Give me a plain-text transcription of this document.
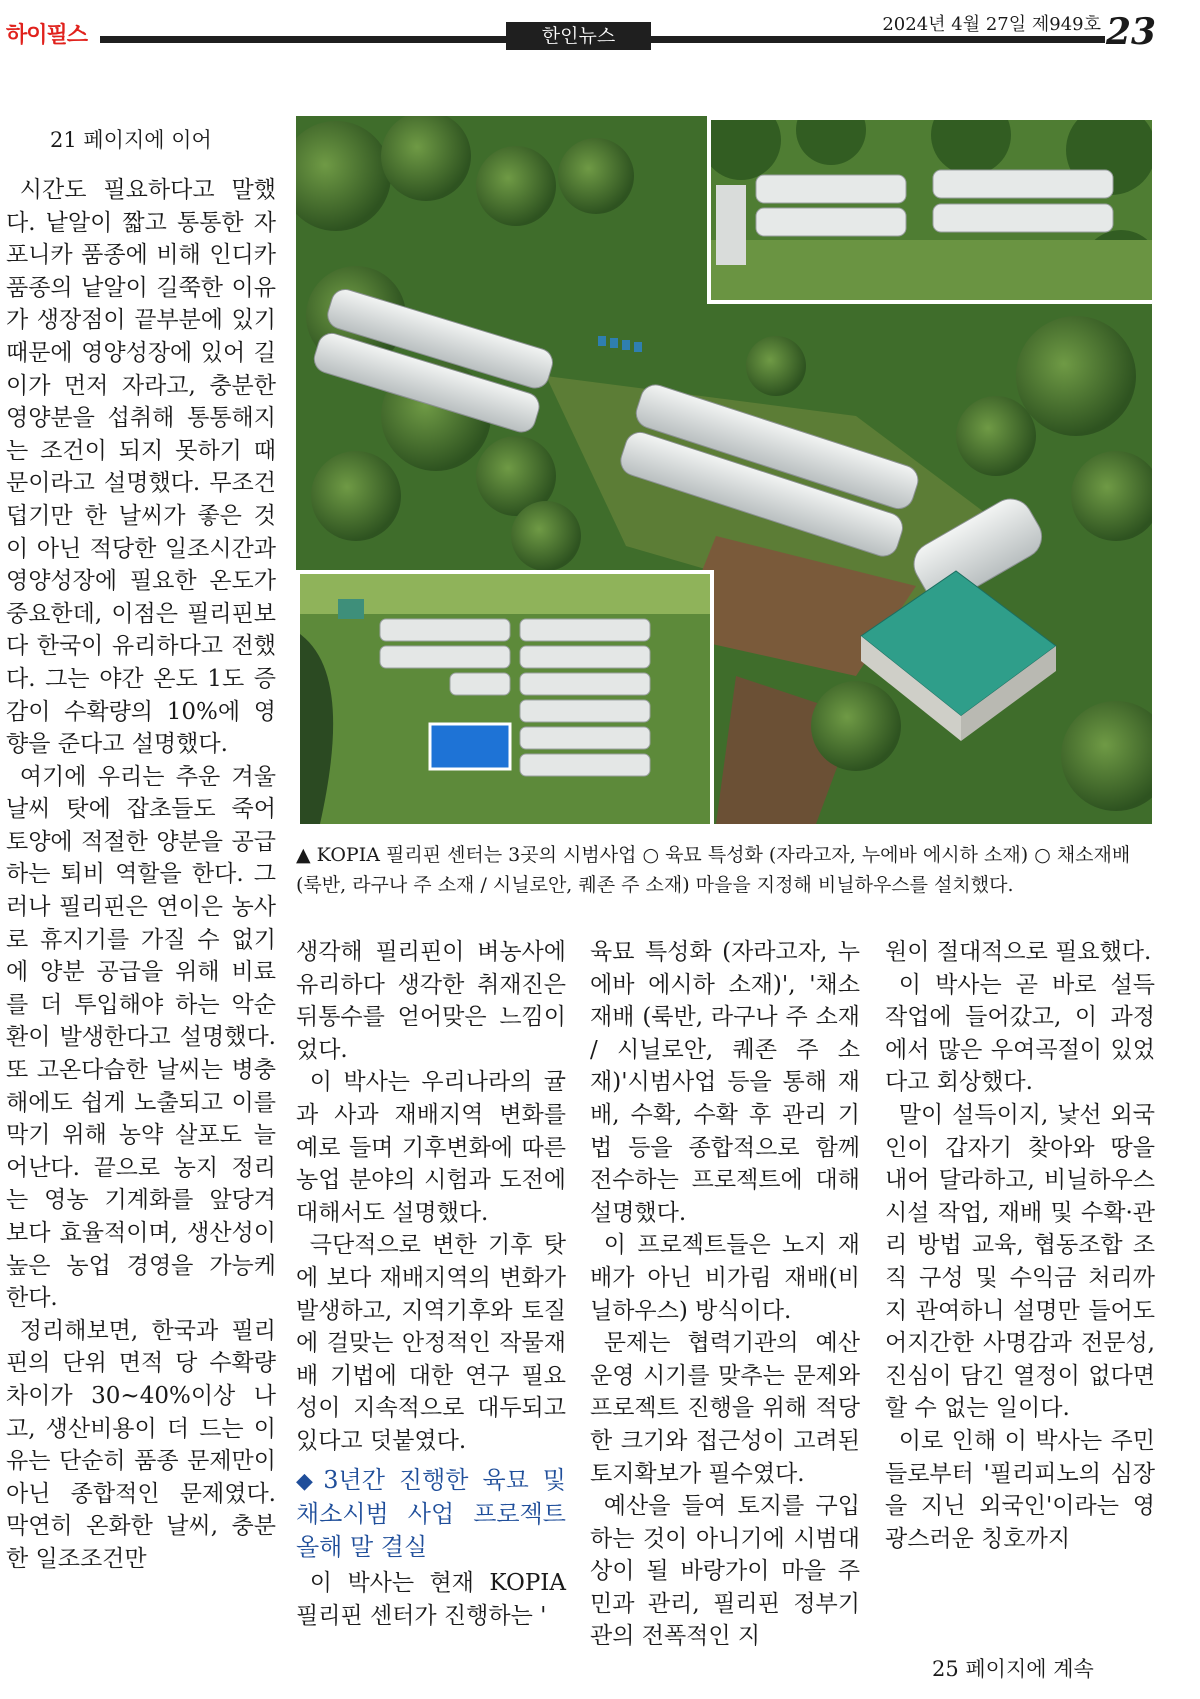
하이필스	한인뉴스
2024년 4월 27일 제949호 23
21 페이지에 이어

시간도 필요하다고 말했다. 낱알이 짧고 통통한 자포니카 품종에 비해 인디카 품종의 낱알이 길쭉한 이유가 생장점이 끝부분에 있기 때문에 영양성장에 있어 길이가 먼저 자라고, 충분한 영양분을 섭취해 통통해지는 조건이 되지 못하기 때문이라고 설명했다. 무조건 덥기만 한 날씨가 좋은 것이 아닌 적당한 일조시간과 영양성장에 필요한 온도가 중요한데, 이점은 필리핀보다 한국이 유리하다고 전했다. 그는 야간 온도 1도 증감이 수확량의 10%에 영향을 준다고 설명했다.

여기에 우리는 추운 겨울 날씨 탓에 잡초들도 죽어 토양에 적절한 양분을 공급하는 퇴비 역할을 한다. 그러나 필리핀은 연이은 농사로 휴지기를 가질 수 없기에 양분 공급을 위해 비료를 더 투입해야 하는 악순환이 발생한다고 설명했다. 또 고온다습한 날씨는 병충해에도 쉽게 노출되고 이를 막기 위해 농약 살포도 늘어난다. 끝으로 농지 정리는 영농 기계화를 앞당겨 보다 효율적이며, 생산성이 높은 농업 경영을 가능케 한다.

정리해보면, 한국과 필리핀의 단위 면적 당 수확량 차이가 30~40%이상 나고, 생산비용이 더 드는 이유는 단순히 품종 문제만이 아닌 종합적인 문제였다. 막연히 온화한 날씨, 충분한 일조조건만

▲ KOPIA 필리핀 센터는 3곳의 시범사업 ○ 육묘 특성화 (자라고자, 누에바 에시하 소재) ○ 채소재배 (룩반, 라구나 주 소재 / 시닐로안, 퀘존 주 소재) 마을을 지정해 비닐하우스를 설치했다.

생각해 필리핀이 벼농사에 유리하다 생각한 취재진은 뒤통수를 얻어맞은 느낌이었다.

이 박사는 우리나라의 귤과 사과 재배지역 변화를 예로 들며 기후변화에 따른 농업 분야의 시험과 도전에 대해서도 설명했다.

극단적으로 변한 기후 탓에 보다 재배지역의 변화가 발생하고, 지역기후와 토질에 걸맞는 안정적인 작물재배 기법에 대한 연구 필요성이 지속적으로 대두되고 있다고 덧붙였다.

◆ 3년간 진행한 육묘 및 채소시범 사업 프로젝트 올해 말 결실

이 박사는 현재 KOPIA 필리핀 센터가 진행하는 '

육묘 특성화 (자라고자, 누에바 에시하 소재)', '채소재배 (룩반, 라구나 주 소재 / 시닐로안, 퀘존 주 소재)'시범사업 등을 통해 재배, 수확, 수확 후 관리 기법 등을 종합적으로 함께 전수하는 프로젝트에 대해 설명했다.

이 프로젝트들은 노지 재배가 아닌 비가림 재배(비닐하우스) 방식이다.

문제는 협력기관의 예산 운영 시기를 맞추는 문제와 프로젝트 진행을 위해 적당한 크기와 접근성이 고려된 토지확보가 필수였다.

예산을 들여 토지를 구입하는 것이 아니기에 시범대상이 될 바랑가이 마을 주민과 관리, 필리핀 정부기관의 전폭적인 지

원이 절대적으로 필요했다.

이 박사는 곧 바로 설득 작업에 들어갔고, 이 과정에서 많은 우여곡절이 있었다고 회상했다.

말이 설득이지, 낯선 외국인이 갑자기 찾아와 땅을 내어 달라하고, 비닐하우스 시설 작업, 재배 및 수확·관리 방법 교육, 협동조합 조직 구성 및 수익금 처리까지 관여하니 설명만 들어도 어지간한 사명감과 전문성, 진심이 담긴 열정이 없다면 할 수 없는 일이다.

이로 인해 이 박사는 주민들로부터 '필리피노의 심장을 지닌 외국인'이라는 영광스러운 칭호까지

25 페이지에 계속
